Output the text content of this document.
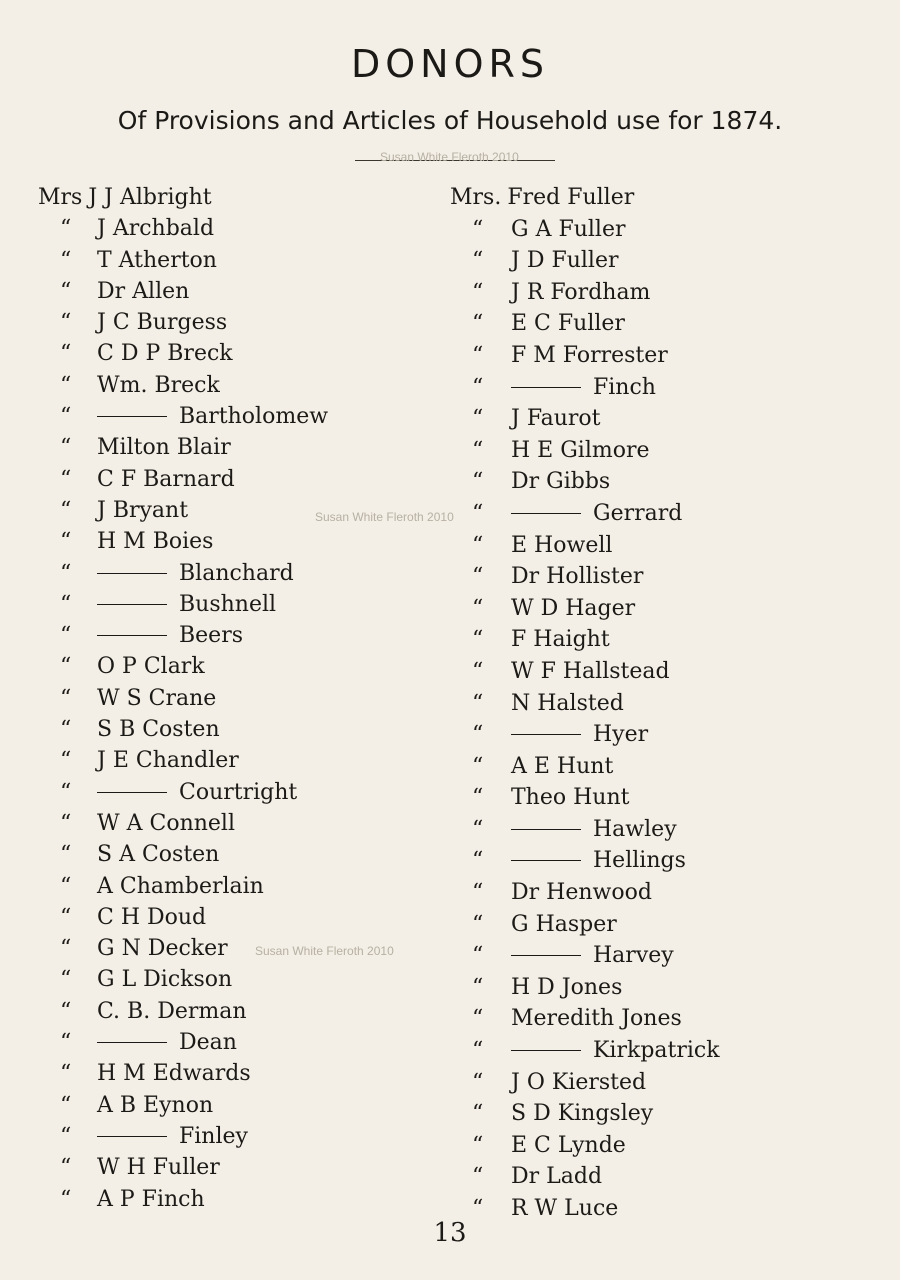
DONORS
Of Provisions and Articles of Household use for 1874.
Susan White Fleroth 2010
Susan White Fleroth 2010
Susan White Fleroth 2010
Mrs J J Albright
“	J Archbald
“	T Atherton
“	Dr Allen
“	J C Burgess
“	C D P Breck
“	Wm. Breck
“	Bartholomew
“	Milton Blair
“	C F Barnard
“	J Bryant
“	H M Boies
“	Blanchard
“	Bushnell
“	Beers
“	O P Clark
“	W S Crane
“	S B Costen
“	J E Chandler
“	Courtright
“	W A Connell
“	S A Costen
“	A Chamberlain
“	C H Doud
“	G N Decker
“	G L Dickson
“	C. B. Derman
“	Dean
“	H M Edwards
“	A B Eynon
“	Finley
“	W H Fuller
“	A P Finch
Mrs. Fred Fuller
“	G A Fuller
“	J D Fuller
“	J R Fordham
“	E C Fuller
“	F M Forrester
“	Finch
“	J Faurot
“	H E Gilmore
“	Dr Gibbs
“	Gerrard
“	E Howell
“	Dr Hollister
“	W D Hager
“	F Haight
“	W F Hallstead
“	N Halsted
“	Hyer
“	A E Hunt
“	Theo Hunt
“	Hawley
“	Hellings
“	Dr Henwood
“	G Hasper
“	Harvey
“	H D Jones
“	Meredith Jones
“	Kirkpatrick
“	J O Kiersted
“	S D Kingsley
“	E C Lynde
“	Dr Ladd
“	R W Luce
13
